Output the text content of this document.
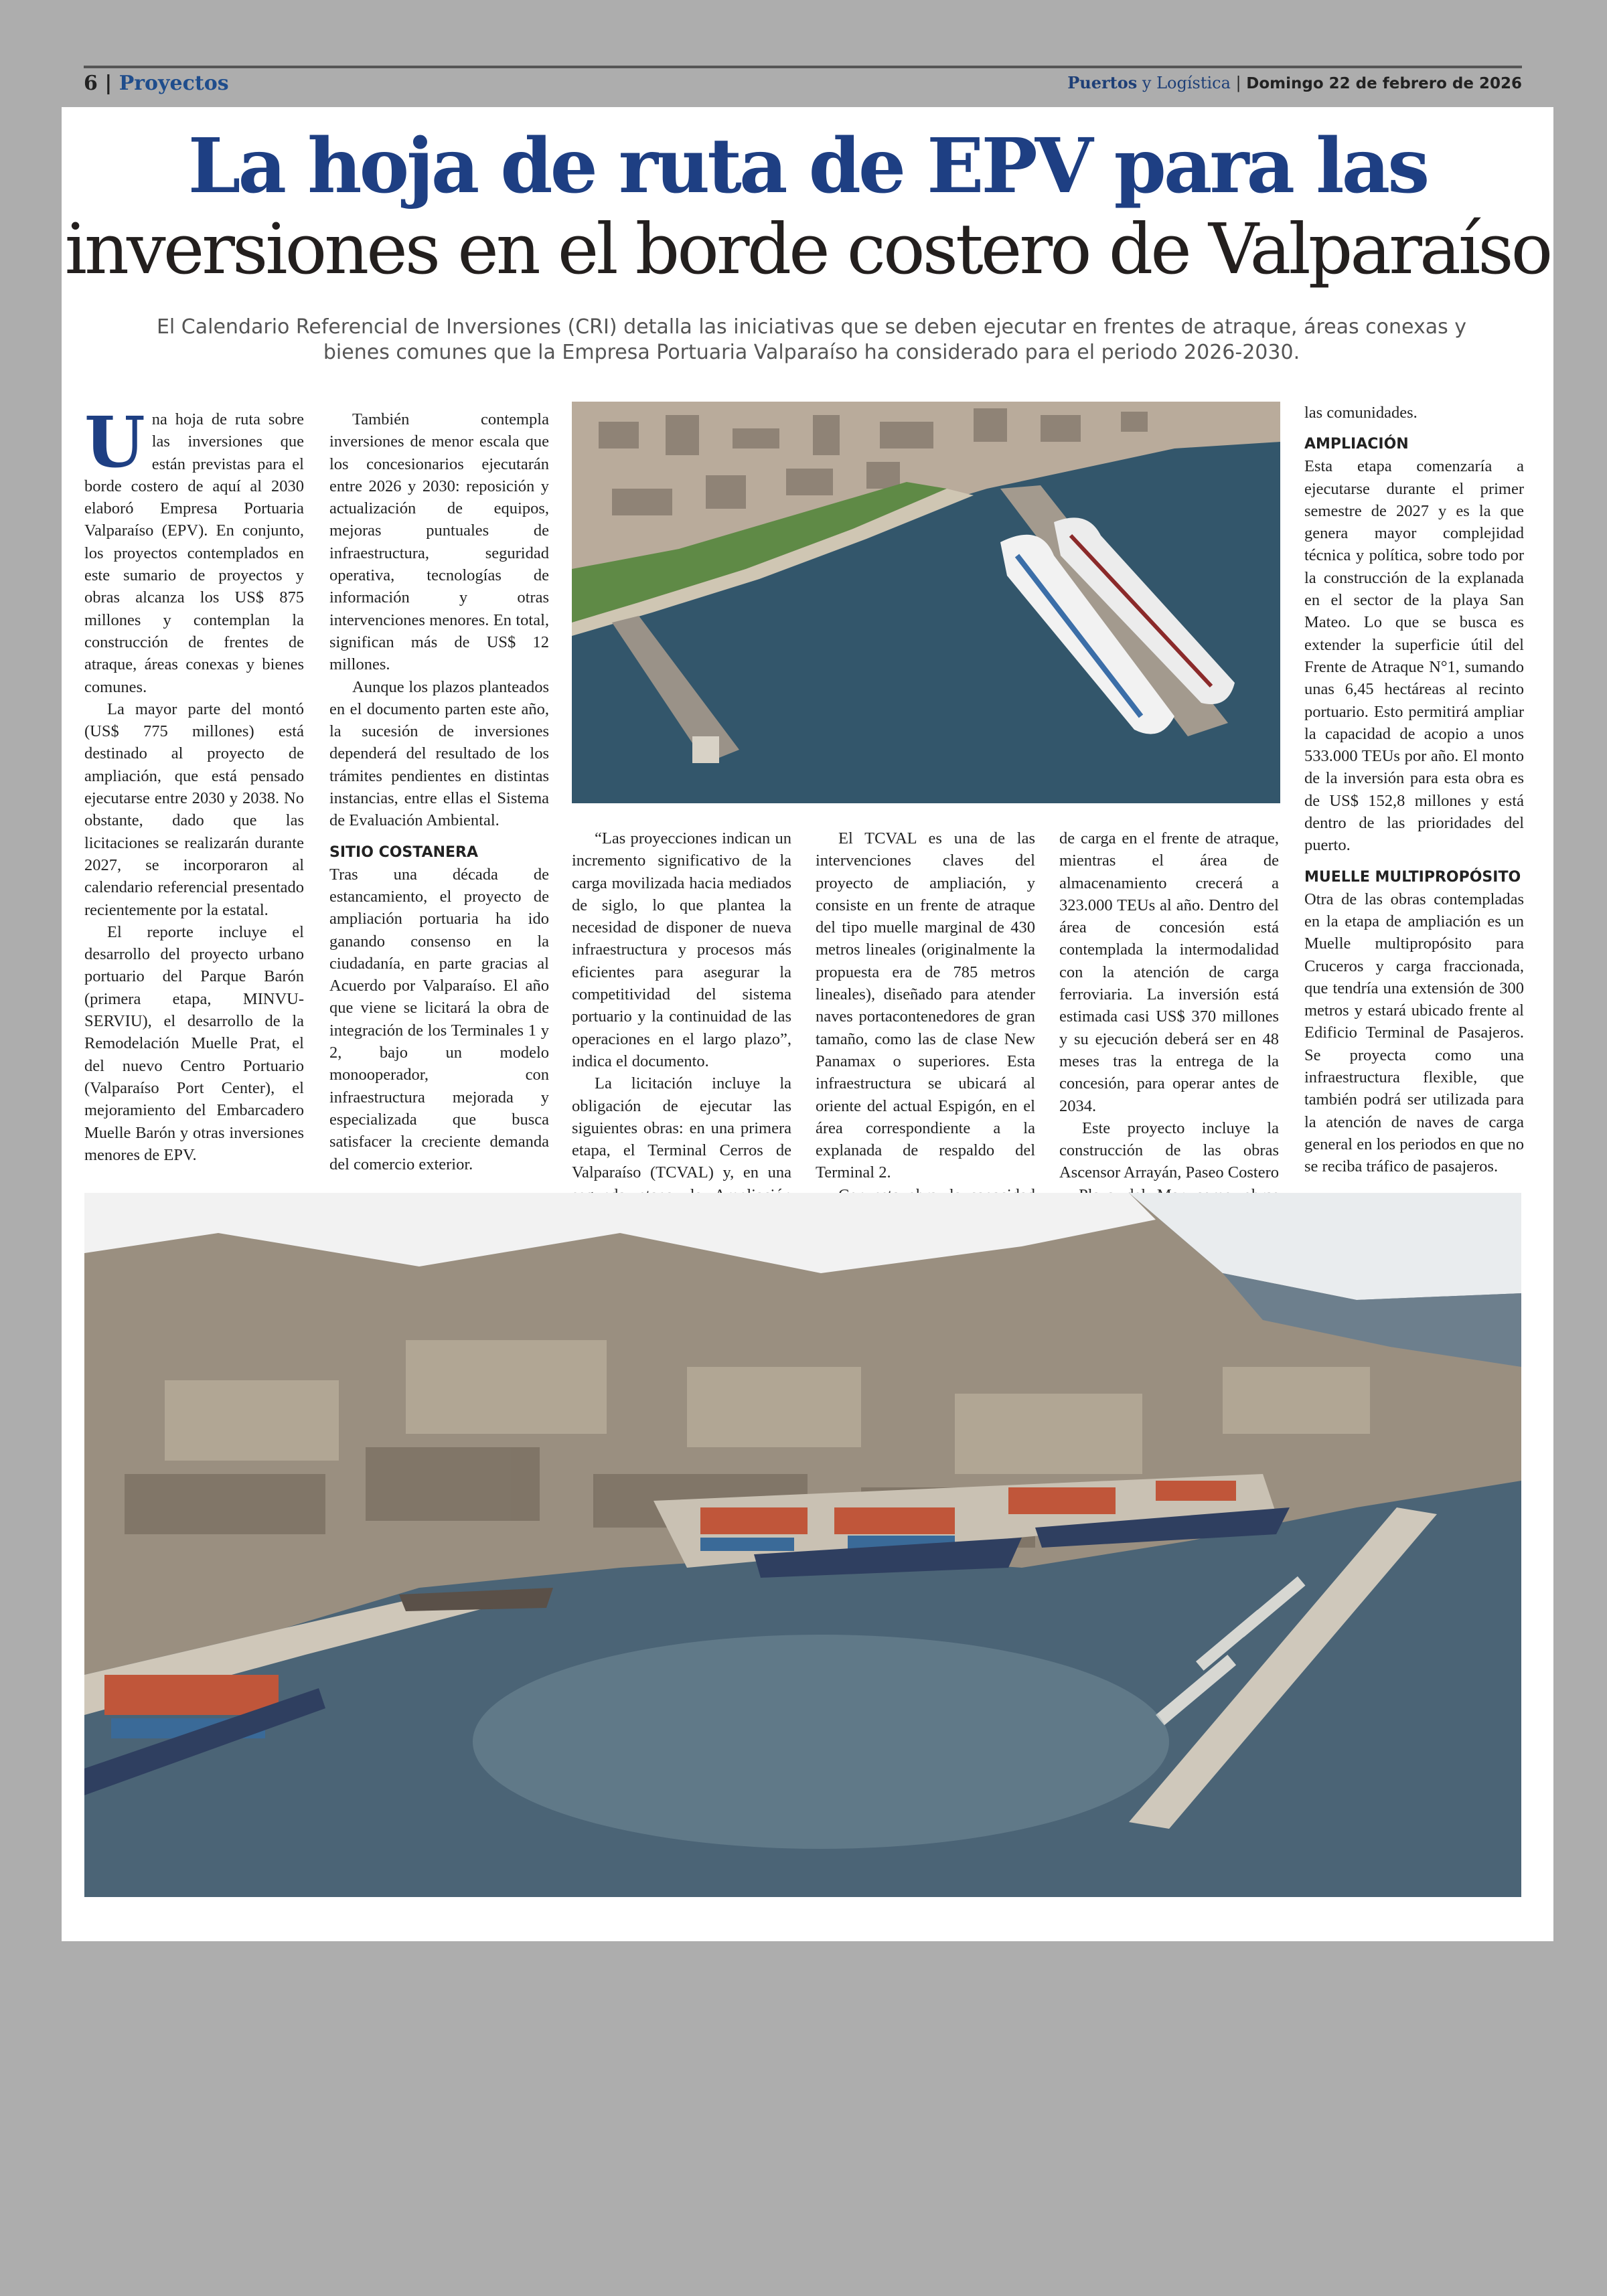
6 | Proyectos	Puertos y Logística | Domingo 22 de febrero de 2026
La hoja de ruta de EPV para las
inversiones en el borde costero de Valparaíso
El Calendario Referencial de Inversiones (CRI) detalla las iniciativas que se deben ejecutar en frentes de atraque, áreas conexas y bienes comunes que la Empresa Portuaria Valparaíso ha considerado para el periodo 2026-2030.

Una hoja de ruta sobre las inversiones que están previstas para el borde costero de aquí al 2030 elaboró Empresa Portuaria Valparaíso (EPV). En conjunto, los proyectos contemplados en este sumario de proyectos y obras alcanza los US$ 875 millones y contemplan la construcción de frentes de atraque, áreas conexas y bienes comunes.

La mayor parte del montó (US$ 775 millones) está destinado al proyecto de ampliación, que está pensado ejecutarse entre 2030 y 2038. No obstante, dado que las licitaciones se realizarán durante 2027, se incorporaron al calendario referencial presentado recientemente por la estatal.

El reporte incluye el desarrollo del proyecto urbano portuario del Parque Barón (primera etapa, MINVU-SERVIU), el desarrollo de la Remodelación Muelle Prat, el del nuevo Centro Portuario (Valparaíso Port Center), el mejoramiento del Embarcadero Muelle Barón y otras inversiones menores de EPV.

También contempla inversiones de menor escala que los concesionarios ejecutarán entre 2026 y 2030: reposición y actualización de equipos, mejoras puntuales de infraestructura, seguridad operativa, tecnologías de información y otras intervenciones menores. En total, significan más de US$ 12 millones.

Aunque los plazos planteados en el documento parten este año, la sucesión de inversiones dependerá del resultado de los trámites pendientes en distintas instancias, entre ellas el Sistema de Evaluación Ambiental.

SITIO COSTANERA

Tras una década de estancamiento, el proyecto de ampliación portuaria ha ido ganando consenso en la ciudadanía, en parte gracias al Acuerdo por Valparaíso. El año que viene se licitará la obra de integración de los Terminales 1 y 2, bajo un modelo monooperador, con infraestructura mejorada y especializada que busca satisfacer la creciente demanda del comercio exterior.

“Las proyecciones indican un incremento significativo de la carga movilizada hacia mediados de siglo, lo que plantea la necesidad de disponer de nueva infraestructura y procesos más eficientes para asegurar la competitividad del sistema portuario y la continuidad de las operaciones en el largo plazo”, indica el documento.

La licitación incluye la obligación de ejecutar las siguientes obras: en una primera etapa, el Terminal Cerros de Valparaíso (TCVAL) y, en una

El TCVAL es una de las intervenciones claves del proyecto de ampliación, y consiste en un frente de atraque del tipo muelle marginal de 430 metros lineales (originalmente la propuesta era de 785 metros lineales), diseñado para atender naves portacontenedores de gran tamaño, como las de clase New Panamax o superiores. Esta infraestructura se ubicará al oriente del actual Espigón, en el área correspondiente a la explanada de respaldo del Terminal 2.

de carga en el frente de atraque, mientras el área de almacenamiento crecerá a 323.000 TEUs al año. Dentro del área de concesión está contemplada la intermodalidad con la atención de carga ferroviaria. La inversión está estimada casi US$ 370 millones y su ejecución deberá ser en 48 meses tras la entrega de la concesión, para operar antes de 2034.

Este proyecto incluye la construcción de las obras Ascensor Arrayán, Paseo Costero

las comunidades.

AMPLIACIÓN

Esta etapa comenzaría a ejecutarse durante el primer semestre de 2027 y es la que genera mayor complejidad técnica y política, sobre todo por la construcción de la explanada en el sector de la playa San Mateo. Lo que se busca es extender la superficie útil del Frente de Atraque N°1, sumando unas 6,45 hectáreas al recinto portuario. Esto permitirá ampliar la capacidad de acopio a unos 533.000 TEUs por año. El monto de la inversión para esta obra es de US$ 152,8 millones y está dentro de las prioridades del puerto.

MUELLE MULTIPROPÓSITO

Otra de las obras contempladas en la etapa de ampliación es un Muelle multipropósito para Cruceros y carga fraccionada, que tendría una extensión de 300 metros y estará ubicado frente al Edificio Terminal de Pasajeros. Se proyecta como una infraestructura flexible, que también podrá ser utilizada para la atención de naves de carga general en los periodos en que no se reciba tráfico de pasajeros.
